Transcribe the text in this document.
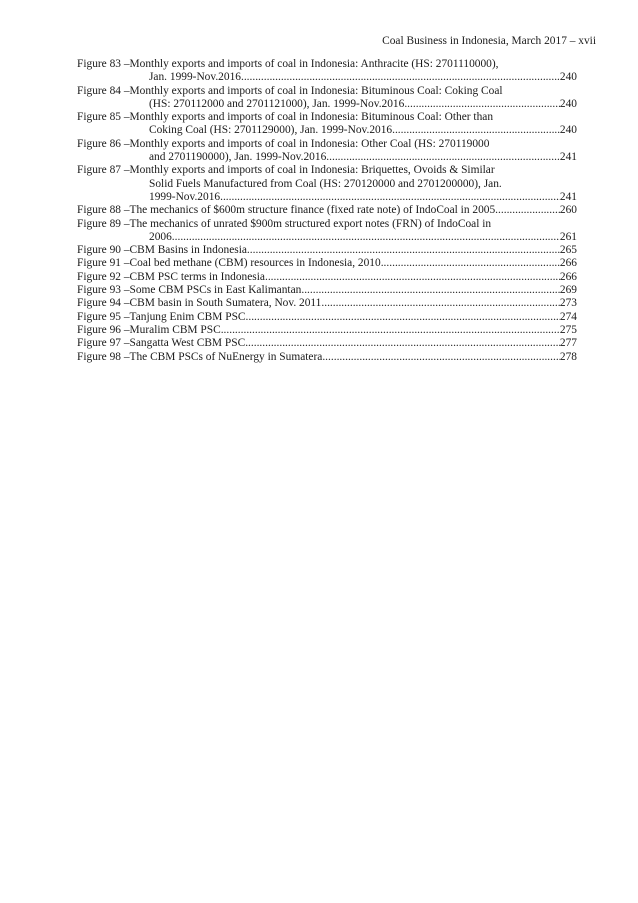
Coal Business in Indonesia, March 2017 – xvii
Figure 83 – Monthly exports and imports of coal in Indonesia: Anthracite (HS: 2701110000),
Jan. 1999-Nov.2016 .....	240
Figure 84 – Monthly exports and imports of coal in Indonesia: Bituminous Coal: Coking Coal
(HS: 270112000 and 2701121000), Jan. 1999-Nov.2016 .....	240
Figure 85 – Monthly exports and imports of coal in Indonesia: Bituminous Coal: Other than
Coking Coal (HS: 2701129000), Jan. 1999-Nov.2016 .....	240
Figure 86 – Monthly exports and imports of coal in Indonesia: Other Coal (HS: 270119000
and 2701190000), Jan. 1999-Nov.2016 .....	241
Figure 87 – Monthly exports and imports of coal in Indonesia: Briquettes, Ovoids & Similar
Solid Fuels Manufactured from Coal (HS: 270120000 and 2701200000), Jan.
1999-Nov.2016 .....	241
Figure 88 – The mechanics of $600m structure finance (fixed rate note) of IndoCoal in 2005 .....	260
Figure 89 – The mechanics of unrated $900m structured export notes (FRN) of IndoCoal in
2006 .....	261
Figure 90 – CBM Basins in Indonesia .....	265
Figure 91 – Coal bed methane (CBM) resources in Indonesia, 2010 .....	266
Figure 92 – CBM PSC terms in Indonesia .....	266
Figure 93 – Some CBM PSCs in East Kalimantan .....	269
Figure 94 – CBM basin in South Sumatera, Nov. 2011 .....	273
Figure 95 – Tanjung Enim CBM PSC .....	274
Figure 96 – Muralim CBM PSC .....	275
Figure 97 – Sangatta West CBM PSC .....	277
Figure 98 – The CBM PSCs of NuEnergy in Sumatera .....	278
